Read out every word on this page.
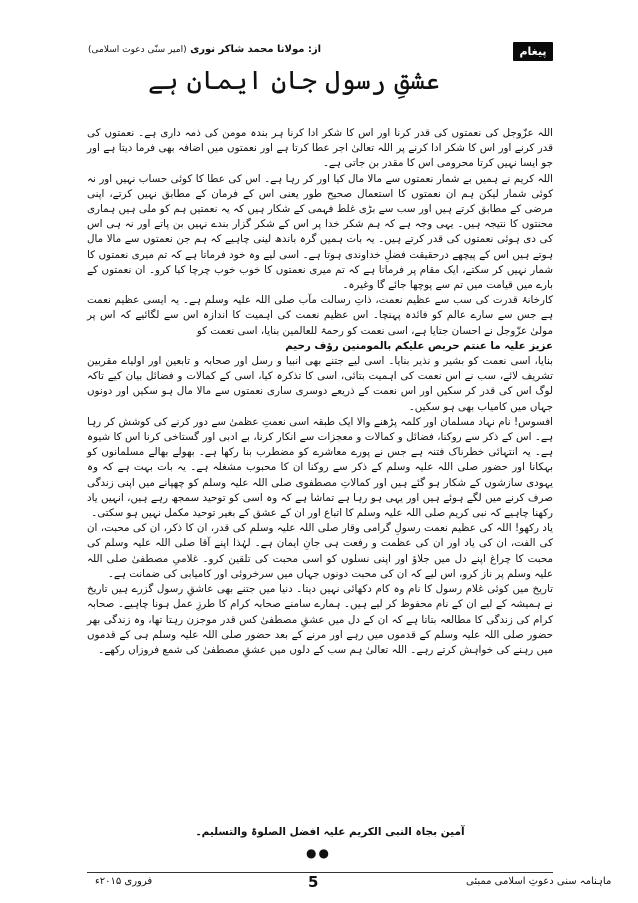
پیغام
از: مولانا محمد شاکر نوری (امیر سنّی دعوت اسلامی)
عشقِ رسول جانِ ایمان ہے

اللہ عزّوجل کی نعمتوں کی قدر کرنا اور اس کا شکر ادا کرنا ہر بندہ مومن کی ذمہ داری ہے۔ نعمتوں کی قدر کرنے اور اس کا شکر ادا کرنے پر اللہ تعالیٰ اجر عطا کرتا ہے اور نعمتوں میں اضافہ بھی فرما دیتا ہے اور جو ایسا نہیں کرتا محرومی اس کا مقدر بن جاتی ہے۔

اللہ کریم نے ہمیں بے شمار نعمتوں سے مالا مال کیا اور کر رہا ہے۔ اس کی عطا کا کوئی حساب نہیں اور نہ کوئی شمار لیکن ہم ان نعمتوں کا استعمال صحیح طور یعنی اس کے فرمان کے مطابق نہیں کرتے، اپنی مرضی کے مطابق کرتے ہیں اور سب سے بڑی غلط فہمی کے شکار ہیں کہ یہ نعمتیں ہم کو ملی ہیں ہماری محنتوں کا نتیجہ ہیں۔ یہی وجہ ہے کہ ہم شکر خدا پر اس کے شکر گزار بندے نہیں بن پاتے اور نہ ہی اس کی دی ہوئی نعمتوں کی قدر کرتے ہیں۔ یہ بات ہمیں گرہ باندھ لینی چاہیے کہ ہم جن نعمتوں سے مالا مال ہوتے ہیں اس کے پیچھے درحقیقت فضلِ خداوندی ہوتا ہے۔ اسی لیے وہ خود فرماتا ہے کہ تم میری نعمتوں کا شمار نہیں کر سکتے، ایک مقام پر فرماتا ہے کہ تم میری نعمتوں کا خوب خوب چرچا کیا کرو۔ ان نعمتوں کے بارے میں قیامت میں تم سے پوچھا جائے گا وغیرہ۔

کارخانۂ قدرت کی سب سے عظیم نعمت، ذاتِ رسالت مآب صلی اللہ علیہ وسلم ہے۔ یہ ایسی عظیم نعمت ہے جس سے سارے عالم کو فائدہ پہنچا۔ اس عظیم نعمت کی اہمیت کا اندازہ اس سے لگائیے کہ اس پر مولیٰ عزّوجل نے احسان جتایا ہے، اسی نعمت کو رحمۃ للعالمین بنایا، اسی نعمت کو

عزیز علیہ ما عنتم حریص علیکم بالمومنین رؤف رحیم

بنایا، اسی نعمت کو بشیر و نذیر بنایا۔ اسی لیے جتنے بھی انبیا و رسل اور صحابہ و تابعین اور اولیاے مقربین تشریف لائے، سب نے اس نعمت کی اہمیت بتائی، اسی کا تذکرہ کیا، اسی کے کمالات و فضائل بیان کیے تاکہ لوگ اس کی قدر کر سکیں اور اس نعمت کے ذریعے دوسری ساری نعمتوں سے مالا مال ہو سکیں اور دونوں جہاں میں کامیاب بھی ہو سکیں۔

افسوس! نام نہاد مسلمان اور کلمہ پڑھنے والا ایک طبقہ اسی نعمتِ عظمیٰ سے دور کرنے کی کوشش کر رہا ہے۔ اس کے ذکر سے روکنا، فضائل و کمالات و معجزات سے انکار کرنا، بے ادبی اور گستاخی کرنا اس کا شیوہ ہے۔ یہ انتہائی خطرناک فتنہ ہے جس نے پورے معاشرے کو مضطرب بنا رکھا ہے۔ بھولے بھالے مسلمانوں کو بہکانا اور حضور صلی اللہ علیہ وسلم کے ذکر سے روکنا ان کا محبوب مشغلہ ہے۔ یہ بات بہت ہے کہ وہ یہودی سازشوں کے شکار ہو گئے ہیں اور کمالاتِ مصطفوی صلی اللہ علیہ وسلم کو چھپانے میں اپنی زندگی صرف کرنے میں لگے ہوئے ہیں اور یہی ہو رہا ہے تماشا ہے کہ وہ اسی کو توحید سمجھ رہے ہیں، انہیں یاد رکھنا چاہیے کہ نبی کریم صلی اللہ علیہ وسلم کا اتباع اور ان کے عشق کے بغیر توحید مکمل نہیں ہو سکتی۔

یاد رکھو! اللہ کی عظیم نعمت رسولِ گرامی وقار صلی اللہ علیہ وسلم کی قدر، ان کا ذکر، ان کی محبت، ان کی الفت، ان کی یاد اور ان کی عظمت و رفعت ہی جانِ ایمان ہے۔ لہٰذا اپنے آقا صلی اللہ علیہ وسلم کی محبت کا چراغ اپنے دل میں جلاؤ اور اپنی نسلوں کو اسی محبت کی تلقین کرو۔ غلامیِ مصطفیٰ صلی اللہ علیہ وسلم پر ناز کرو، اس لیے کہ ان کی محبت دونوں جہاں میں سرخروئی اور کامیابی کی ضمانت ہے۔

تاریخ میں کوئی غلام رسول کا نام وہ کام دکھائی نہیں دیتا۔ دنیا میں جتنے بھی عاشقِ رسول گزرے ہیں تاریخ نے ہمیشہ کے لیے ان کے نام محفوظ کر لیے ہیں۔ ہمارے سامنے صحابہ کرام کا طرزِ عمل ہونا چاہیے۔ صحابہ کرام کی زندگی کا مطالعہ بتاتا ہے کہ ان کے دل میں عشقِ مصطفیٰ کس قدر موجزن رہتا تھا، وہ زندگی بھر حضور صلی اللہ علیہ وسلم کے قدموں میں رہے اور مرنے کے بعد حضور صلی اللہ علیہ وسلم ہی کے قدموں میں رہنے کی خواہش کرتے رہے۔ اللہ تعالیٰ ہم سب کے دلوں میں عشقِ مصطفیٰ کی شمع فروزاں رکھے۔

آمین بجاہ النبی الکریم علیہ افضل الصلوۃ والتسلیم۔
●●
فروری ۲۰۱۵ء	5	ماہنامہ سنی دعوتِ اسلامی ممبئی
